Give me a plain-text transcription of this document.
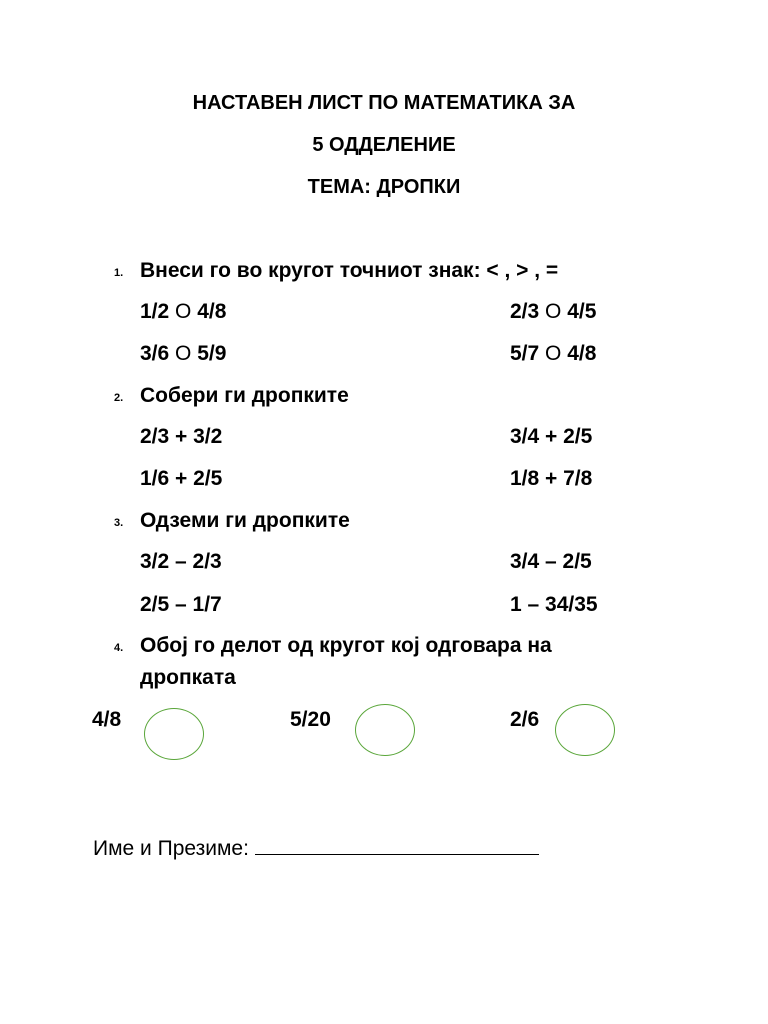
НАСТАВЕН ЛИСТ ПО МАТЕМАТИКА ЗА
5 ОДДЕЛЕНИЕ
ТЕМА: ДРОПКИ
1. Внеси го во кругот точниот знак: < , > , =
1/2 O 4/8	2/3 O 4/5
3/6 O 5/9	5/7 O 4/8
2. Собери ги дропките
2/3 + 3/2	3/4 + 2/5
1/6 + 2/5	1/8 + 7/8
3. Одземи ги дропките
3/2 – 2/3	3/4 – 2/5
2/5 – 1/7	1 – 34/35
4. Обој го делот од кругот кој одговара на
дропката
4/8	5/20	2/6
Име и Презиме:
